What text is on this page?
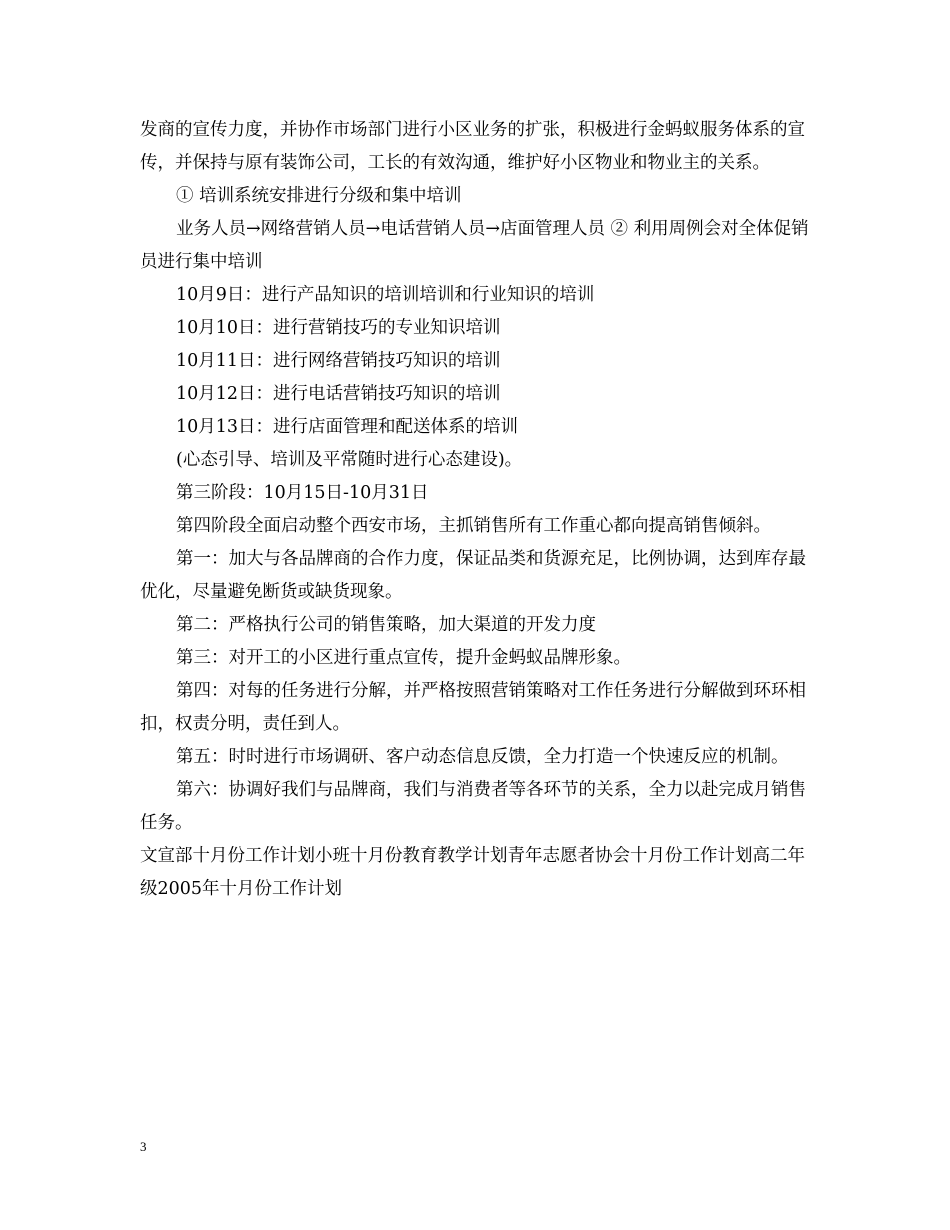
发商的宣传力度，并协作市场部门进行小区业务的扩张，积极进行金蚂蚁服务体系的宣传，并保持与原有装饰公司，工长的有效沟通，维护好小区物业和物业主的关系。

① 培训系统安排进行分级和集中培训

业务人员→网络营销人员→电话营销人员→店面管理人员 ② 利用周例会对全体促销员进行集中培训

10月9日：进行产品知识的培训培训和行业知识的培训

10月10日：进行营销技巧的专业知识培训

10月11日：进行网络营销技巧知识的培训

10月12日：进行电话营销技巧知识的培训

10月13日：进行店面管理和配送体系的培训

(心态引导、培训及平常随时进行心态建设)。

第三阶段：10月15日-10月31日

第四阶段全面启动整个西安市场，主抓销售所有工作重心都向提高销售倾斜。

第一：加大与各品牌商的合作力度，保证品类和货源充足，比例协调，达到库存最优化，尽量避免断货或缺货现象。

第二：严格执行公司的销售策略，加大渠道的开发力度

第三：对开工的小区进行重点宣传，提升金蚂蚁品牌形象。

第四：对每的任务进行分解，并严格按照营销策略对工作任务进行分解做到环环相扣，权责分明，责任到人。

第五：时时进行市场调研、客户动态信息反馈，全力打造一个快速反应的机制。

第六：协调好我们与品牌商，我们与消费者等各环节的关系，全力以赴完成月销售任务。

文宣部十月份工作计划小班十月份教育教学计划青年志愿者协会十月份工作计划高二年级2005年十月份工作计划

3
